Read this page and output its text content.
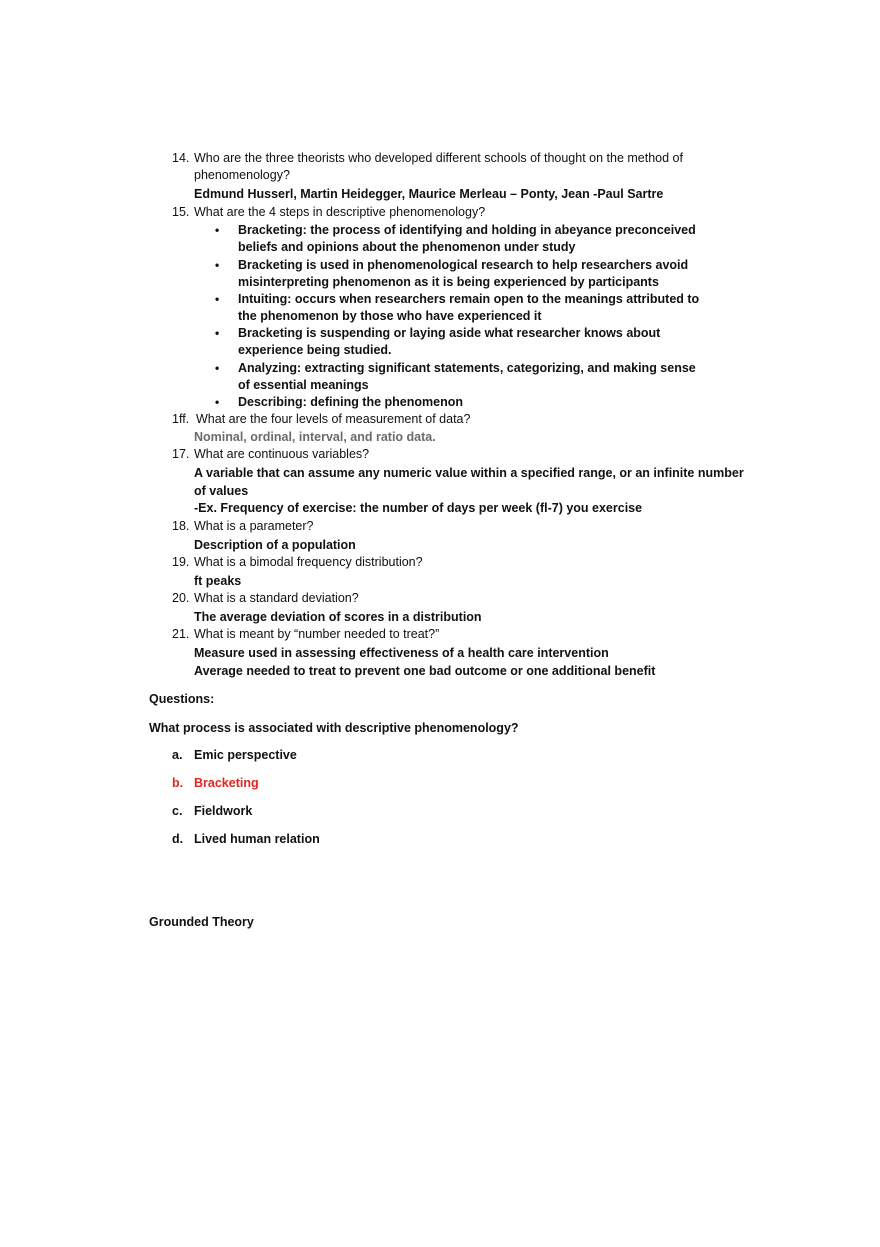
14. Who are the three theorists who developed different schools of thought on the method of
phenomenology?
Edmund Husserl, Martin Heidegger, Maurice Merleau – Ponty, Jean -Paul Sartre
15. What are the 4 steps in descriptive phenomenology?
• Bracketing: the process of identifying and holding in abeyance preconceived
beliefs and opinions about the phenomenon under study
• Bracketing is used in phenomenological research to help researchers avoid
misinterpreting phenomenon as it is being experienced by participants
• Intuiting: occurs when researchers remain open to the meanings attributed to
the phenomenon by those who have experienced it
• Bracketing is suspending or laying aside what researcher knows about
experience being studied.
• Analyzing: extracting significant statements, categorizing, and making sense
of essential meanings
• Describing: defining the phenomenon
1ff. What are the four levels of measurement of data?
Nominal, ordinal, interval, and ratio data.
17. What are continuous variables?
A variable that can assume any numeric value within a specified range, or an infinite number
of values
-Ex. Frequency of exercise: the number of days per week (fl-7) you exercise
18. What is a parameter?
Description of a population
19. What is a bimodal frequency distribution?
ft peaks
20. What is a standard deviation?
The average deviation of scores in a distribution
21. What is meant by “number needed to treat?”
Measure used in assessing effectiveness of a health care intervention
Average needed to treat to prevent one bad outcome or one additional benefit
Questions:
What process is associated with descriptive phenomenology?
a. Emic perspective
b. Bracketing
c. Fieldwork
d. Lived human relation
Grounded Theory
